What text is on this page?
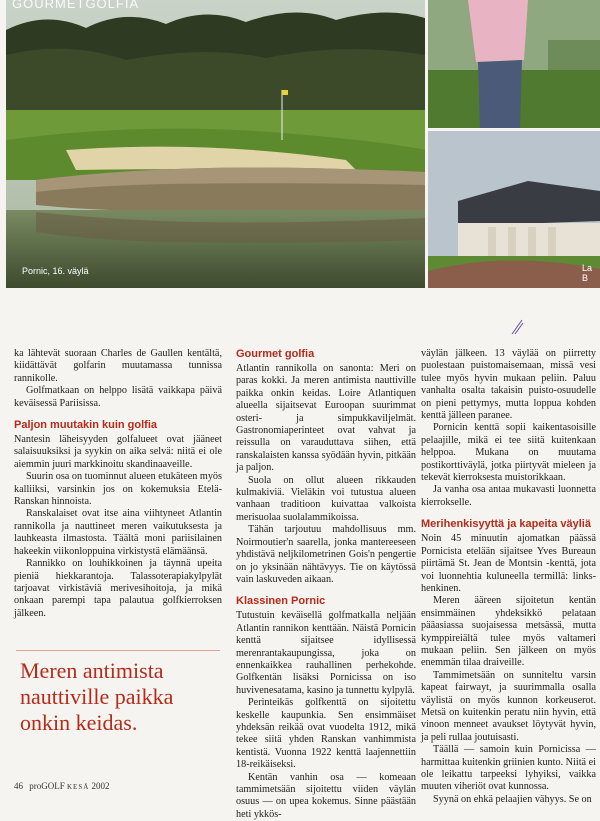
GOURMETGOLFIA
Pornic, 16. väylä	La B

ka lähtevät suoraan Charles de Gaullen kentältä, kiidättävät golfarin muutamassa tunnissa rannikolle.

Golfmatkaan on helppo lisätä vaikkapa päivä keväisessä Pariisissa.

Paljon muutakin kuin golfia

Nantesin läheisyyden golfalueet ovat jääneet salaisuuksiksi ja syykin on aika selvä: niitä ei ole aiemmin juuri markkinoitu skandinaaveille.

Suurin osa on tuominnut alueen etukäteen myös kalliiksi, varsinkin jos on kokemuksia Etelä-Ranskan hinnoista.

Ranskalaiset ovat itse aina viihtyneet Atlantin rannikolla ja nauttineet meren vaikutuksesta ja lauhkeasta ilmastosta. Täältä moni pariisilainen hakeekin viikonloppuina virkistystä elämäänsä.

Rannikko on louhikkoinen ja täynnä upeita pieniä hiekkarantoja. Talassoterapiakylpylät tarjoavat virkistäviä merivesihoitoja, ja mikä onkaan parempi tapa palautua golfkierroksen jälkeen.

Meren antimista nauttiville paikka onkin keidas.
Gourmet golfia

Atlantin rannikolla on sanonta: Meri on paras kokki. Ja meren antimista nauttiville paikka onkin keidas. Loire Atlantiquen alueella sijaitsevat Euroopan suurimmat osteri- ja simpukkaviljelmät. Gastronomiaperinteet ovat vahvat ja reissulla on varauduttava siihen, että ranskalaisten kanssa syödään hyvin, pitkään ja paljon.

Suola on ollut alueen rikkauden kulmakiviä. Vieläkin voi tutustua alueen vanhaan traditioon kuivattaa valkoista merisuolaa suolalammikoissa.

Tähän tarjoutuu mahdollisuus mm. Noirmoutier'n saarella, jonka mantereeseen yhdistävä neljkilometrinen Gois'n pengertie on jo yksinään nähtävyys. Tie on käytössä vain laskuveden aikaan.

Klassinen Pornic

Tutustuin keväisellä golfmatkalla neljään Atlantin rannikon kenttään. Näistä Pornicin kenttä sijaitsee idyllisessä merenrantakaupungissa, joka on ennenkaikkea rauhallinen perhekohde. Golfkentän lisäksi Pornicissa on iso huvivenesatama, kasino ja tunnettu kylpylä.

Perinteikäs golfkenttä on sijoitettu keskelle kaupunkia. Sen ensimmäiset yhdeksän reikää ovat vuodelta 1912, mikä tekee siitä yhden Ranskan vanhimmista kentistä. Vuonna 1922 kenttä laajennettiin 18-reikäiseksi.

Kentän vanhin osa — komeaan tammimetsään sijoitettu viiden väylän osuus — on upea kokemus. Sinne päästään heti ykkös-

väylän jälkeen. 13 väylää on piirretty puolestaan puistomaisemaan, missä vesi tulee myös hyvin mukaan peliin. Paluu vanhalta osalta takaisin puisto-osuudelle on pieni pettymys, mutta loppua kohden kenttä jälleen paranee.

Pornicin kenttä sopii kaikentasoisille pelaajille, mikä ei tee siitä kuitenkaan helppoa. Mukana on muutama postikorttiväylä, jotka piirtyvät mieleen ja tekevät kierroksesta muistorikkaan.

Ja vanha osa antaa mukavasti luonnetta kierrokselle.

Merihenkisyyttä ja kapeita väyliä

Noin 45 minuutin ajomatkan päässä Pornicista etelään sijaitsee Yves Bureaun piirtämä St. Jean de Montsin -kenttä, jota voi luonnehtia kuluneella termillä: links-henkinen.

Meren ääreen sijoitetun kentän ensimmäinen yhdeksikkö pelataan pääasiassa suojaisessa metsässä, mutta kymppireiältä tulee myös valtameri mukaan peliin. Sen jälkeen on myös enemmän tilaa draiveille.

Tammimetsään on sunniteltu varsin kapeat fairwayt, ja suurimmalla osalla väylistä on myös kunnon korkeuserot. Metsä on kuitenkin peratu niin hyvin, että vinoon menneet avaukset löytyvät hyvin, ja peli rullaa joutuisasti.

Täällä — samoin kuin Pornicissa — harmittaa kuitenkin griinien kunto. Niitä ei ole leikattu tarpeeksi lyhyiksi, vaikka muuten viheriöt ovat kunnossa.

Syynä on ehkä pelaajien vähyys. Se on

46 proGOLF KESÄ 2002
